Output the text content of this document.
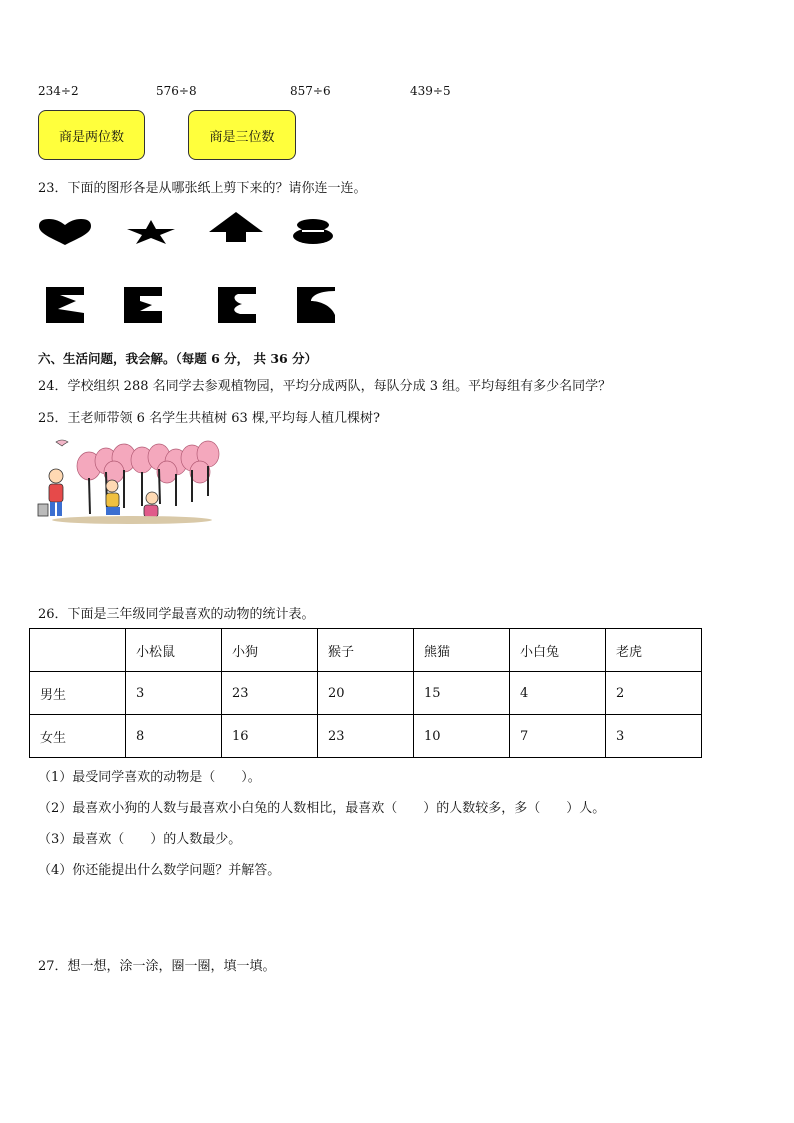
234÷2	576÷8	857÷6	439÷5
商是两位数	商是三位数
23．下面的图形各是从哪张纸上剪下来的？请你连一连。
六、生活问题，我会解。（每题 6 分， 共 36 分）
24．学校组织 288 名同学去参观植物园，平均分成两队，每队分成 3 组。平均每组有多少名同学？
25．王老师带领 6 名学生共植树 63 棵,平均每人植几棵树?
26．下面是三年级同学最喜欢的动物的统计表。
	小松鼠	小狗	猴子	熊猫	小白兔	老虎
男生	3	23	20	15	4	2
女生	8	16	23	10	7	3
（1）最受同学喜欢的动物是（　　）。
（2）最喜欢小狗的人数与最喜欢小白兔的人数相比，最喜欢（　　）的人数较多，多（　　）人。
（3）最喜欢（　　）的人数最少。
（4）你还能提出什么数学问题？并解答。
27．想一想，涂一涂，圈一圈，填一填。
